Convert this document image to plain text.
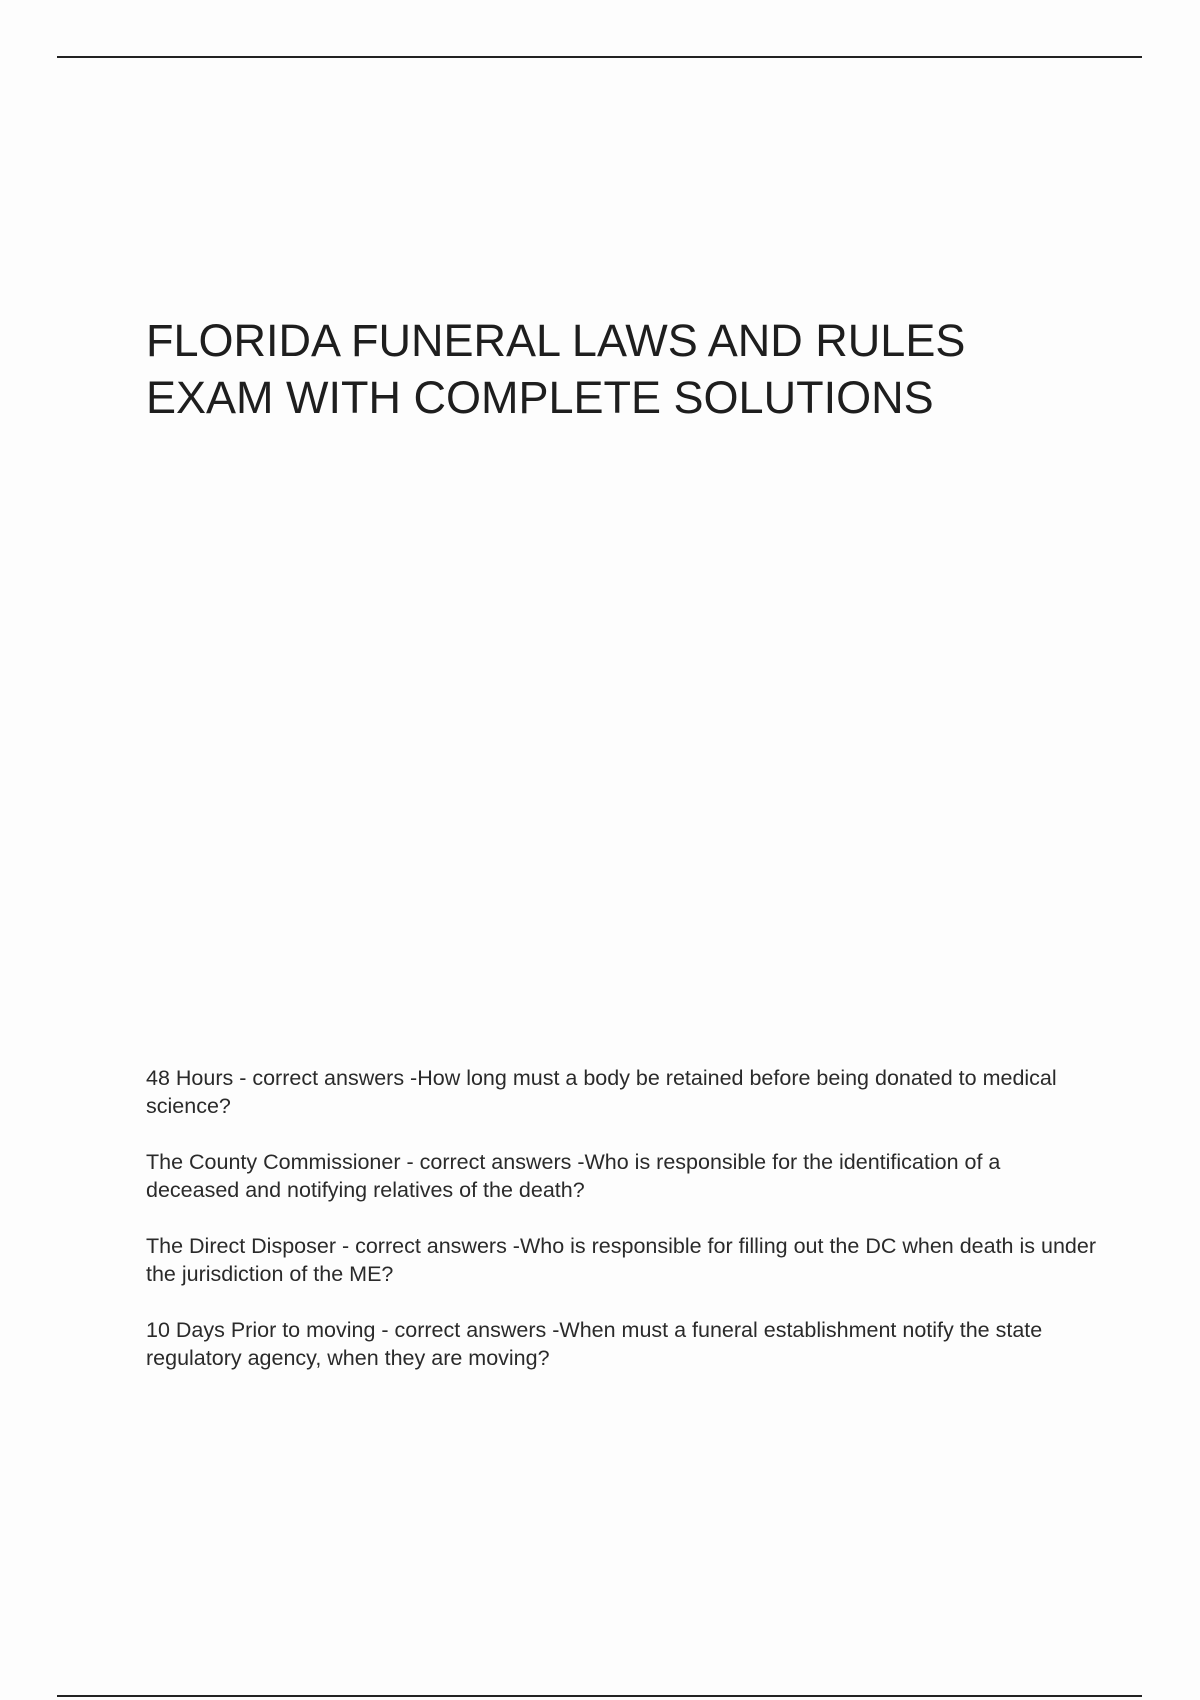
FLORIDA FUNERAL LAWS AND RULES
EXAM WITH COMPLETE SOLUTIONS
48 Hours - correct answers -How long must a body be retained before being donated to medical science?
The County Commissioner - correct answers -Who is responsible for the identification of a deceased and notifying relatives of the death?
The Direct Disposer - correct answers -Who is responsible for filling out the DC when death is under the jurisdiction of the ME?
10 Days Prior to moving - correct answers -When must a funeral establishment notify the state regulatory agency, when they are moving?
